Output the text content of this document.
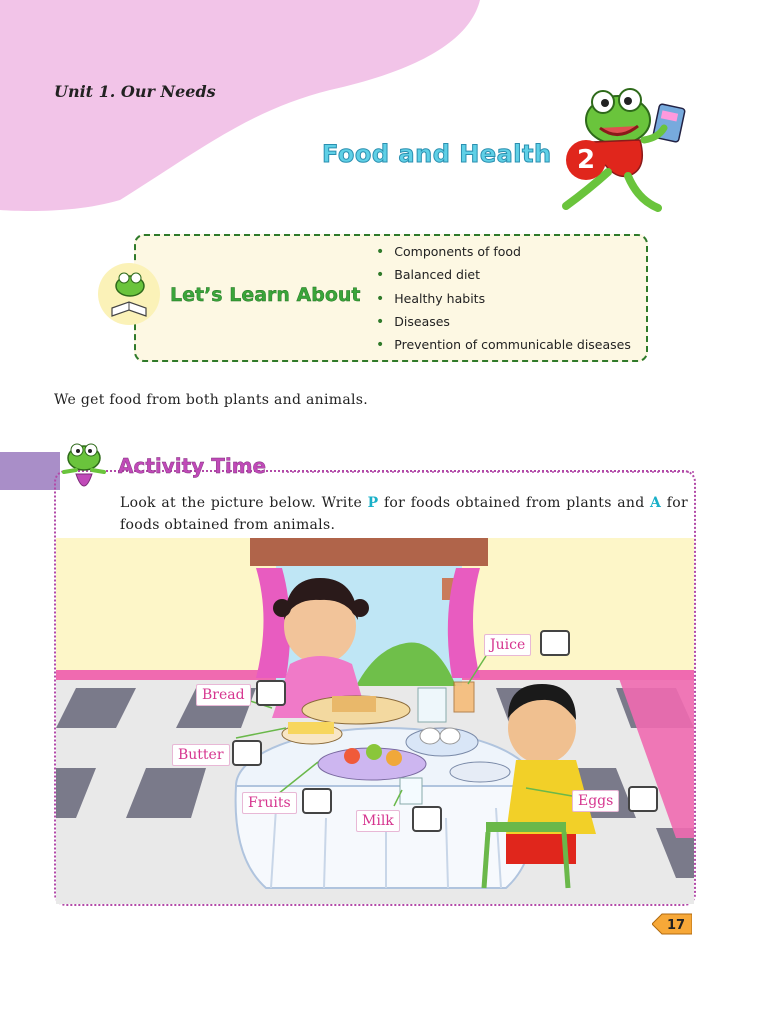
Unit 1. Our Needs
Food and Health 2
Let’s Learn About
• Components of food
• Balanced diet
• Healthy habits
• Diseases
• Prevention of communicable diseases
We get food from both plants and animals.
Activity Time
Look at the picture below. Write P for foods obtained from plants and A for foods obtained from animals.
Juice
Bread
Butter
Fruits
Milk
Eggs
17
